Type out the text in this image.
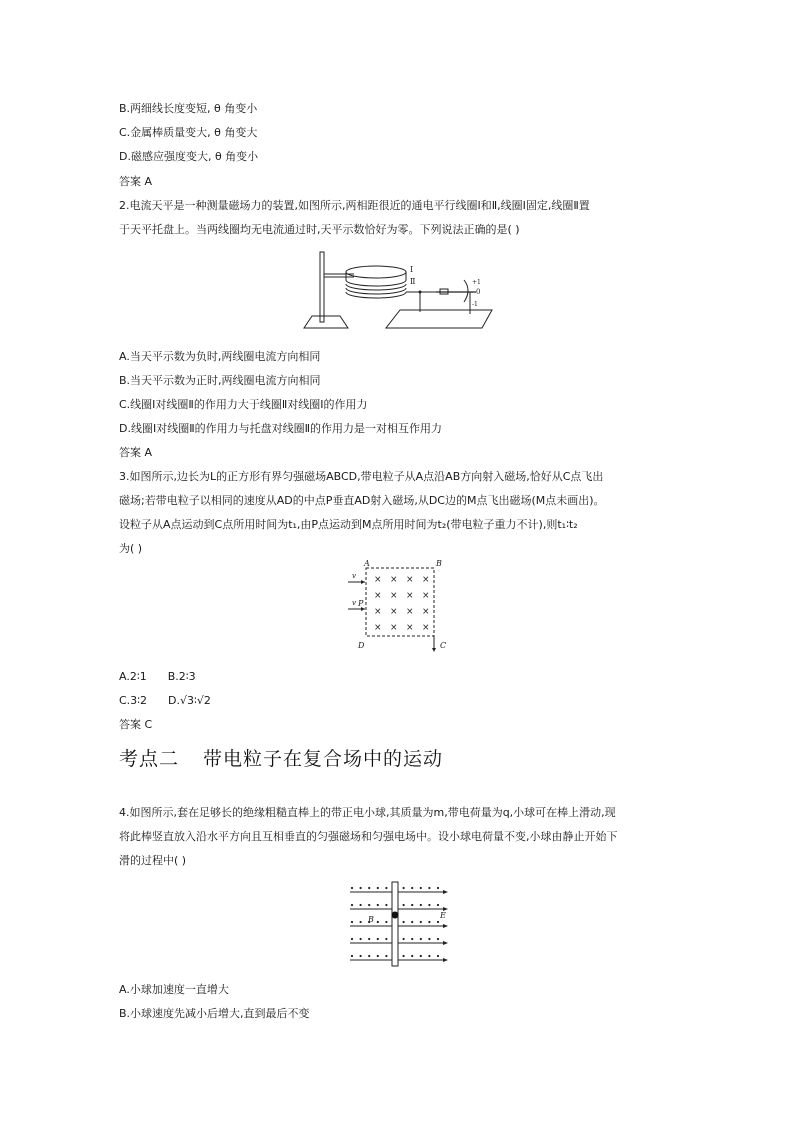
B.两细线长度变短, θ 角变小
C.金属棒质量变大, θ 角变大
D.磁感应强度变大, θ 角变小
答案 A
2.电流天平是一种测量磁场力的装置,如图所示,两相距很近的通电平行线圈Ⅰ和Ⅱ,线圈Ⅰ固定,线圈Ⅱ置
于天平托盘上。当两线圈均无电流通过时,天平示数恰好为零。下列说法正确的是( )
Ⅰ
Ⅱ	+1
0
-1
A.当天平示数为负时,两线圈电流方向相同
B.当天平示数为正时,两线圈电流方向相同
C.线圈Ⅰ对线圈Ⅱ的作用力大于线圈Ⅱ对线圈Ⅰ的作用力
D.线圈Ⅰ对线圈Ⅱ的作用力与托盘对线圈Ⅱ的作用力是一对相互作用力
答案 A
3.如图所示,边长为L的正方形有界匀强磁场ABCD,带电粒子从A点沿AB方向射入磁场,恰好从C点飞出
磁场;若带电粒子以相同的速度从AD的中点P垂直AD射入磁场,从DC边的M点飞出磁场(M点未画出)。
设粒子从A点运动到C点所用时间为t₁,由P点运动到M点所用时间为t₂(带电粒子重力不计),则t₁∶t₂
为( )
A	B
D	C
P
v
v
× × × ×
× × × ×
× × × ×
× × × ×
A.2∶1 B.2∶3
C.3∶2 D.√3∶√2
答案 C
考点二 带电粒子在复合场中的运动
4.如图所示,套在足够长的绝缘粗糙直棒上的带正电小球,其质量为m,带电荷量为q,小球可在棒上滑动,现
将此棒竖直放入沿水平方向且互相垂直的匀强磁场和匀强电场中。设小球电荷量不变,小球由静止开始下
滑的过程中( )
B	E
A.小球加速度一直增大
B.小球速度先减小后增大,直到最后不变
